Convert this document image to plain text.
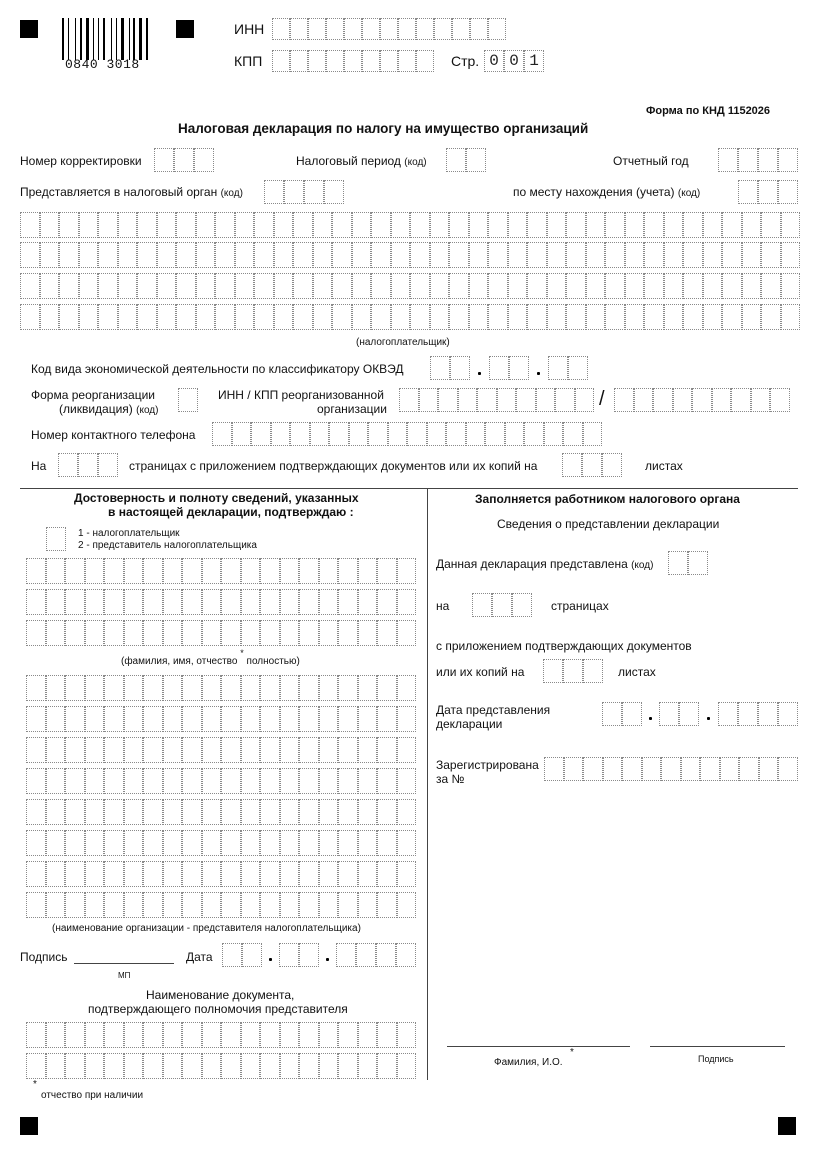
0840 3018
ИНН
КПП	Стр. 0 0 1
Форма по КНД 1152026
Налоговая декларация по налогу на имущество организаций
Номер корректировки	Налоговый период (код)	Отчетный год
Представляется в налоговый орган (код)	по месту нахождения (учета) (код)
(налогоплательщик)
Код вида экономической деятельности по классификатору ОКВЭД
Форма реорганизации
(ликвидация) (код)
ИНН / КПП реорганизованной
организации	/
Номер контактного телефона
На	страницах с приложением подтверждающих документов или их копий на	листах
Достоверность и полноту сведений, указанных
в настоящей декларации, подтверждаю :
1 - налогоплательщик
2 - представитель налогоплательщика
(фамилия, имя, отчество * полностью)
(наименование организации - представителя налогоплательщика)
Подпись
МП
Дата
Наименование документа,
подтверждающего полномочия представителя
*
отчество при наличии
Заполняется работником налогового органа
Сведения о представлении декларации
Данная декларация представлена (код)
на	страницах
с приложением подтверждающих документов
или их копий на	листах
Дата представления
декларации
Зарегистрирована
за №
Фамилия, И.О.
*
Подпись
